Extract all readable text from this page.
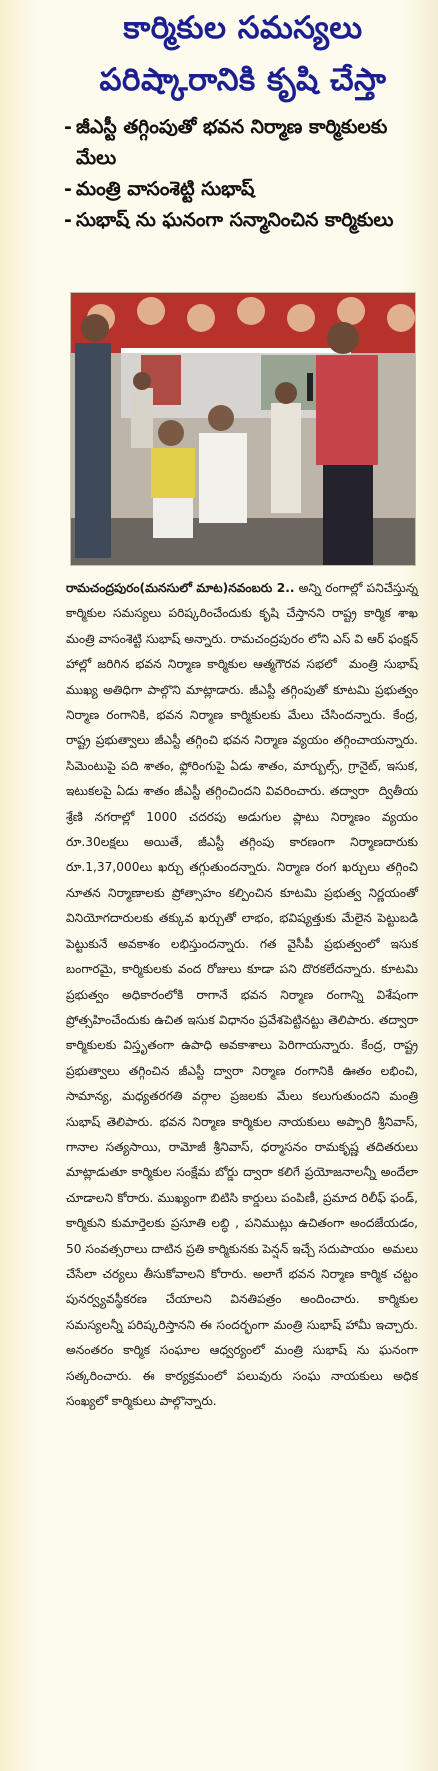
కార్మికుల సమస్యలు
పరిష్కారానికి కృషి చేస్తా
- జీఎస్టీ తగ్గింపుతో భవన నిర్మాణ కార్మికులకు మేలు
- మంత్రి వాసంశెట్టి సుభాష్
- సుభాష్ ను ఘనంగా సన్మానించిన కార్మికులు

రామచంద్రపురం(మనసులో మాట)నవంబరు 2.. అన్ని రంగాల్లో పనిచేస్తున్న కార్మికుల సమస్యలు పరిష్కరించేందుకు కృషి చేస్తానని రాష్ట్ర కార్మిక శాఖ మంత్రి వాసంశెట్టి సుభాష్ అన్నారు. రామచంద్రపురం లోని ఎస్ వి ఆర్ ఫంక్షన్ హాల్లో జరిగిన భవన నిర్మాణ కార్మికుల ఆత్మగౌరవ సభలో  మంత్రి సుభాష్ ముఖ్య అతిధిగా పాల్గొని మాట్లాడారు. జీఎస్టీ తగ్గింపుతో కూటమి ప్రభుత్వం నిర్మాణ రంగానికి, భవన నిర్మాణ కార్మికులకు మేలు చేసిందన్నారు. కేంద్ర, రాష్ట్ర ప్రభుత్వాలు జీఎస్టీ తగ్గించి భవన నిర్మాణ వ్యయం తగ్గించాయన్నారు. సిమెంటుపై పది శాతం, ఫ్లోరింగుపై ఏడు శాతం, మార్బుల్స్, గ్రానైట్, ఇసుక, ఇటుకలపై ఏడు శాతం జీఎస్టీ తగ్గించిందని వివరించారు. తద్వారా  ద్వితీయ శ్రేణి నగరాల్లో 1000 చదరపు అడుగుల ప్లాటు నిర్మాణం వ్యయం రూ.30లక్షలు అయితే, జీఎస్టీ తగ్గింపు కారణంగా నిర్మాణదారుకు రూ.1,37,000లు ఖర్చు తగ్గుతుందన్నారు. నిర్మాణ రంగ ఖర్చులు తగ్గించి నూతన నిర్మాణాలకు ప్రోత్సాహం కల్పించిన కూటమి ప్రభుత్వ నిర్ణయంతో వినియోగదారులకు తక్కువ ఖర్చుతో లాభం, భవిష్యత్తుకు మేలైన పెట్టుబడి పెట్టుకునే అవకాశం లభిస్తుందన్నారు. గత వైసీపీ ప్రభుత్వంలో ఇసుక బంగారమై, కార్మికులకు వంద రోజులు కూడా పని దొరకలేదన్నారు. కూటమి ప్రభుత్వం అధికారంలోకి రాగానే భవన నిర్మాణ రంగాన్ని విశేషంగా ప్రోత్సహించేందుకు ఉచిత ఇసుక విధానం ప్రవేశపెట్టినట్టు తెలిపారు. తద్వారా కార్మికులకు విస్తృతంగా ఉపాధి అవకాశాలు పెరిగాయన్నారు. కేంద్ర, రాష్ట్ర ప్రభుత్వాలు తగ్గించిన జీఎస్టీ ద్వారా నిర్మాణ రంగానికి ఊతం లభించి, సామాన్య, మధ్యతరగతి వర్గాల ప్రజలకు మేలు కలుగుతుందని మంత్రి సుభాష్ తెలిపారు. భవన నిర్మాణ కార్మికుల నాయకులు అప్పారి శ్రీనివాస్, గానాల సత్యసాయి, రామోజీ శ్రీనివాస్, ధర్మాసనం రామకృష్ణ తదితరులు మాట్లాడుతూ కార్మికుల సంక్షేమ బోర్డు ద్వారా కలిగే ప్రయోజనాలన్నీ అందేలా చూడాలని కోరారు. ముఖ్యంగా బిటిసి కార్డులు పంపిణీ, ప్రమాద రిలీఫ్ ఫండ్, కార్మికుని కుమార్తెలకు ప్రసూతి లబ్ధి , పనిముట్లు ఉచితంగా అందజేయడం, 50 సంవత్సరాలు దాటిన ప్రతి కార్మికునకు పెన్షన్ ఇచ్చే సదుపాయం  అమలు చేసేలా చర్యలు తీసుకోవాలని కోరారు. అలాగే భవన నిర్మాణ కార్మిక చట్టం పునర్వ్యవస్థీకరణ చేయాలని వినతిపత్రం అందించారు. కార్మికుల సమస్యలన్నీ పరిష్కరిస్తానని ఈ సందర్భంగా మంత్రి సుభాష్ హామీ ఇచ్చారు. అనంతరం కార్మిక సంఘాల ఆధ్వర్యంలో మంత్రి సుభాష్ ను ఘనంగా సత్కరించారు. ఈ కార్యక్రమంలో పలువురు సంఘ నాయకులు అధిక సంఖ్యలో కార్మికులు పాల్గొన్నారు.
